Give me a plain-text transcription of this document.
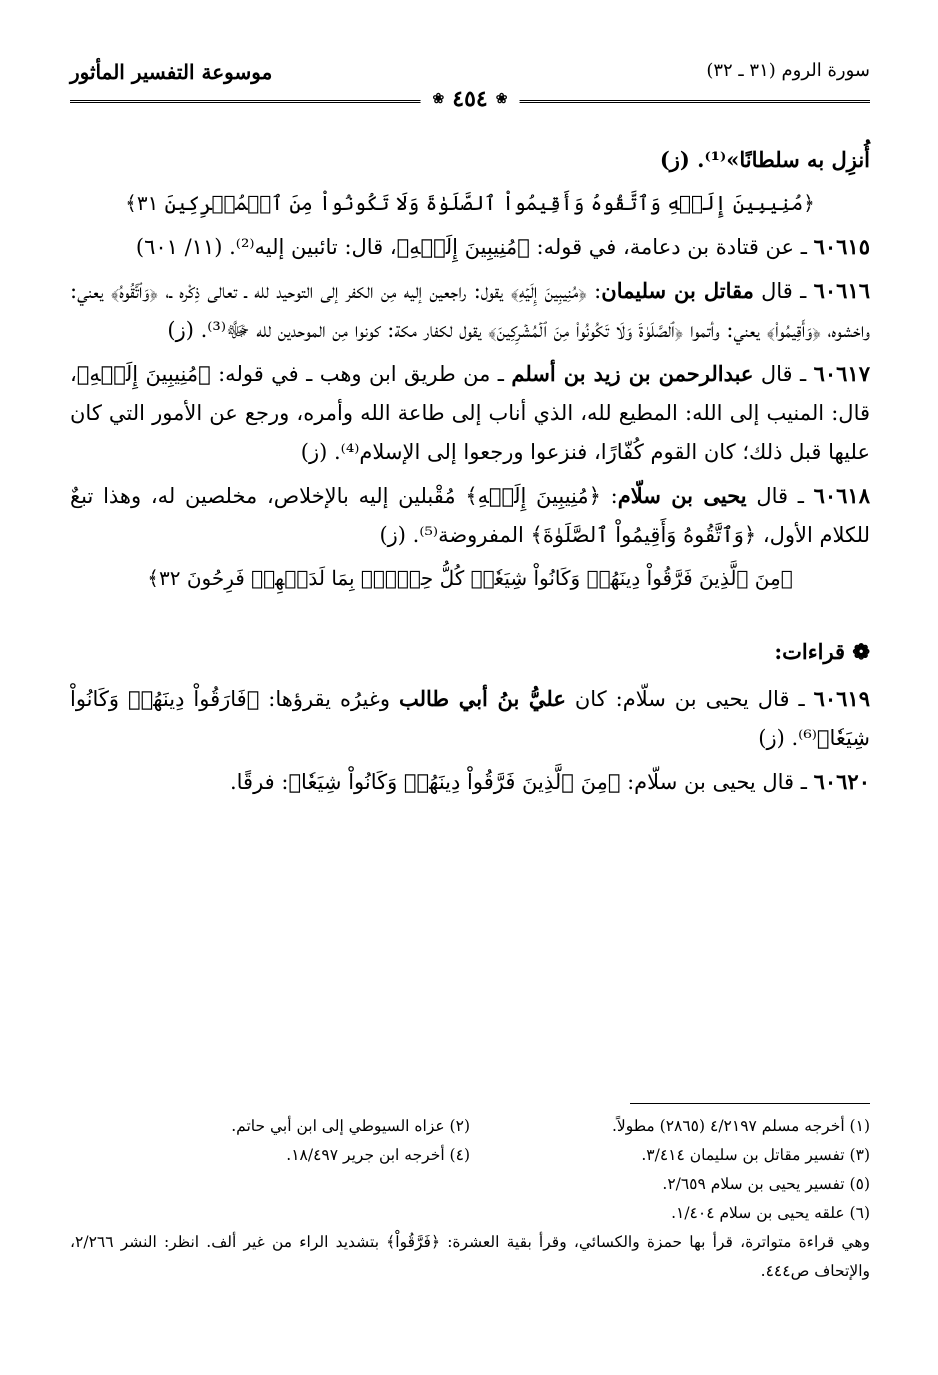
سورة الروم (٣١ ـ ٣٢)
موسوعة التفسير المأثور
❀
٤٥٤
❀

أُنزِل به سلطانًا»⁽¹⁾. (ز)

﴿مُنِيبِينَ إِلَيۡهِ وَٱتَّقُوهُ وَأَقِيمُواْ ٱلصَّلَوٰةَ وَلَا تَكُونُواْ مِنَ ٱلۡمُشۡرِكِينَ ٣١﴾

٦٠٦١٥ ـ عن قتادة بن دعامة، في قوله: ﴿مُنِيبِينَ إِلَيۡهِ﴾، قال: تائبين إليه⁽²⁾. (١١/ ٦٠١)

٦٠٦١٦ ـ قال مقاتل بن سليمان: ﴿مُنِيبِينَ إِلَيۡهِ﴾ يقول: راجعين إليه مِن الكفر إلى التوحيد لله ـ تعالى ذِكْره ـ، ﴿وَٱتَّقُوهُ﴾ يعني: واخشوه، ﴿وَأَقِيمُواْ﴾ يعني: وأتموا ﴿ٱلصَّلَوٰةَ وَلَا تَكُونُواْ مِنَ ٱلۡمُشۡرِكِينَ﴾ يقول لكفار مكة: كونوا مِن الموحدين لله ﷻ⁽³⁾. (ز)

٦٠٦١٧ ـ قال عبدالرحمن بن زيد بن أسلم ـ من طريق ابن وهب ـ في قوله: ﴿مُنِيبِينَ إِلَيۡهِ﴾، قال: المنيب إلى الله: المطيع لله، الذي أناب إلى طاعة الله وأمره، ورجع عن الأمور التي كان عليها قبل ذلك؛ كان القوم كُفّارًا، فنزعوا ورجعوا إلى الإسلام⁽⁴⁾. (ز)

٦٠٦١٨ ـ قال يحيى بن سلّام: ﴿مُنِيبِينَ إِلَيۡهِ﴾ مُقْبلين إليه بالإخلاص، مخلصين له، وهذا تبعٌ للكلام الأول، ﴿وَٱتَّقُوهُ وَأَقِيمُواْ ٱلصَّلَوٰةَ﴾ المفروضة⁽⁵⁾. (ز)

﴿مِنَ ٱلَّذِينَ فَرَّقُواْ دِينَهُمۡ وَكَانُواْ شِيَعٗاۖ كُلُّ حِزۡبِۭ بِمَا لَدَيۡهِمۡ فَرِحُونَ ٣٢﴾

❁ قراءات:

٦٠٦١٩ ـ قال يحيى بن سلّام: كان عليُّ بنُ أبي طالب وغيرُه يقرؤها: ﴿فَارَقُواْ دِينَهُمۡ وَكَانُواْ شِيَعٗا﴾⁽⁶⁾. (ز)

٦٠٦٢٠ ـ قال يحيى بن سلّام: ﴿مِنَ ٱلَّذِينَ فَرَّقُواْ دِينَهُمۡ وَكَانُواْ شِيَعٗا﴾: فرقًا.

(١) أخرجه مسلم ٤/٢١٩٧ (٢٨٦٥) مطولاً.
(٢) عزاه السيوطي إلى ابن أبي حاتم.
(٣) تفسير مقاتل بن سليمان ٣/٤١٤.
(٤) أخرجه ابن جرير ١٨/٤٩٧.
(٥) تفسير يحيى بن سلام ٢/٦٥٩.
(٦) علقه يحيى بن سلام ١/٤٠٤.
وهي قراءة متواترة، قرأ بها حمزة والكسائي، وقرأ بقية العشرة: ﴿فَرَّقُواْ﴾ بتشديد الراء من غير ألف. انظر: النشر ٢/٢٦٦، والإتحاف ص٤٤٤.
